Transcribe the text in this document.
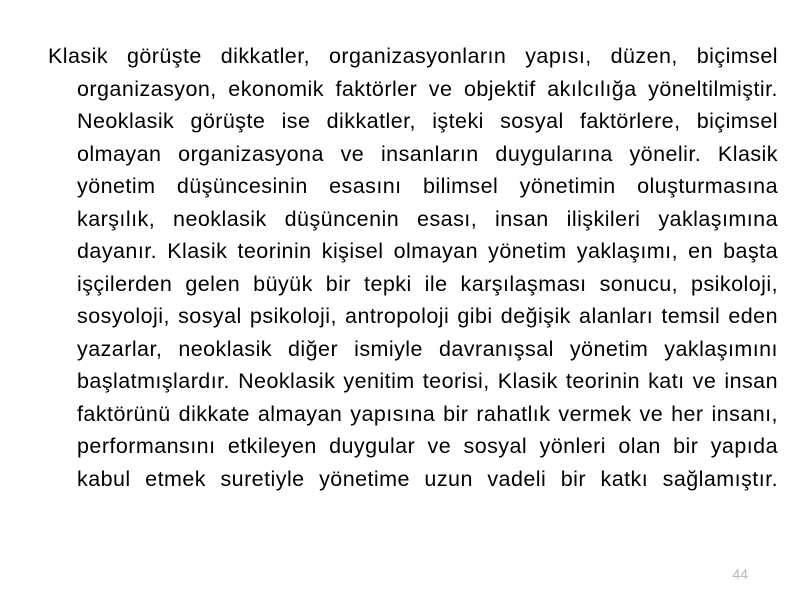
Klasik görüşte dikkatler, organizasyonların yapısı, düzen, biçimsel organizasyon, ekonomik faktörler ve objektif akılcılığa yöneltilmiştir. Neoklasik görüşte ise dikkatler, işteki sosyal faktörlere, biçimsel olmayan organizasyona ve insanların duygularına yönelir. Klasik yönetim düşüncesinin esasını bilimsel yönetimin oluşturmasına karşılık, neoklasik düşüncenin esası, insan ilişkileri yaklaşımına dayanır. Klasik teorinin kişisel olmayan yönetim yaklaşımı, en başta işçilerden gelen büyük bir tepki ile karşılaşması sonucu, psikoloji, sosyoloji, sosyal psikoloji, antropoloji gibi değişik alanları temsil eden yazarlar, neoklasik diğer ismiyle davranışsal yönetim yaklaşımını başlatmışlardır. Neoklasik yenitim teorisi, Klasik teorinin katı ve insan faktörünü dikkate almayan yapısına bir rahatlık vermek ve her insanı, performansını etkileyen duygular ve sosyal yönleri olan bir yapıda kabul etmek suretiyle yönetime uzun vadeli bir katkı sağlamıştır.

44
